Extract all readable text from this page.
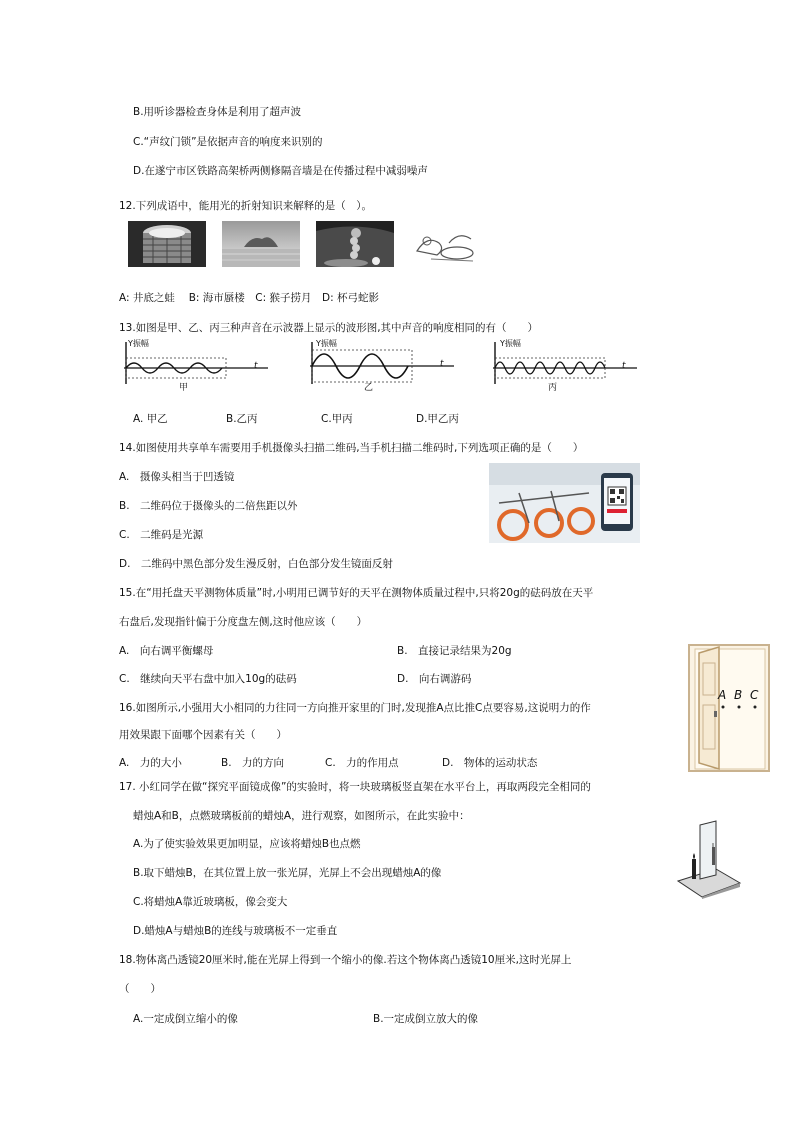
B.用听诊器检查身体是利用了超声波
C.“声纹门锁”是依据声音的响度来识别的
D.在遂宁市区铁路高架桥两侧修隔音墙是在传播过程中减弱噪声
12.下列成语中，能用光的折射知识来解释的是（　）。
A: 井底之蛙　 B: 海市蜃楼　C: 猴子捞月　D: 杯弓蛇影
13.如图是甲、乙、丙三种声音在示波器上显示的波形图,其中声音的响度相同的有（　　）
Y振幅
t
甲
Y振幅
t
乙
Y振幅
t
丙
A. 甲乙	B.乙丙	C.甲丙	D.甲乙丙
14.如图使用共享单车需要用手机摄像头扫描二维码,当手机扫描二维码时,下列选项正确的是（　　）
A.　摄像头相当于凹透镜
B.　二维码位于摄像头的二倍焦距以外
C.　二维码是光源
D.　二维码中黑色部分发生漫反射，白色部分发生镜面反射
15.在“用托盘天平测物体质量”时,小明用已调节好的天平在测物体质量过程中,只将20g的砝码放在天平
右盘后,发现指针偏于分度盘左侧,这时他应该（　　）
A.　向右调平衡螺母	B.　直接记录结果为20g
C.　继续向天平右盘中加入10g的砝码	D.　向右调游码
16.如图所示,小强用大小相同的力往同一方向推开家里的门时,发现推A点比推C点要容易,这说明力的作
用效果跟下面哪个因素有关（　　）
A.　力的大小	B.　力的方向	C.　力的作用点	D.　物体的运动状态
A B C
17. 小红同学在做“探究平面镜成像”的实验时，将一块玻璃板竖直架在水平台上，再取两段完全相同的
蜡烛A和B，点燃玻璃板前的蜡烛A，进行观察，如图所示，在此实验中：
A.为了使实验效果更加明显，应该将蜡烛B也点燃
B.取下蜡烛B，在其位置上放一张光屏，光屏上不会出现蜡烛A的像
C.将蜡烛A靠近玻璃板，像会变大
D.蜡烛A与蜡烛B的连线与玻璃板不一定垂直
18.物体离凸透镜20厘米时,能在光屏上得到一个缩小的像.若这个物体离凸透镜10厘米,这时光屏上
（　　）
A.一定成倒立缩小的像	B.一定成倒立放大的像
